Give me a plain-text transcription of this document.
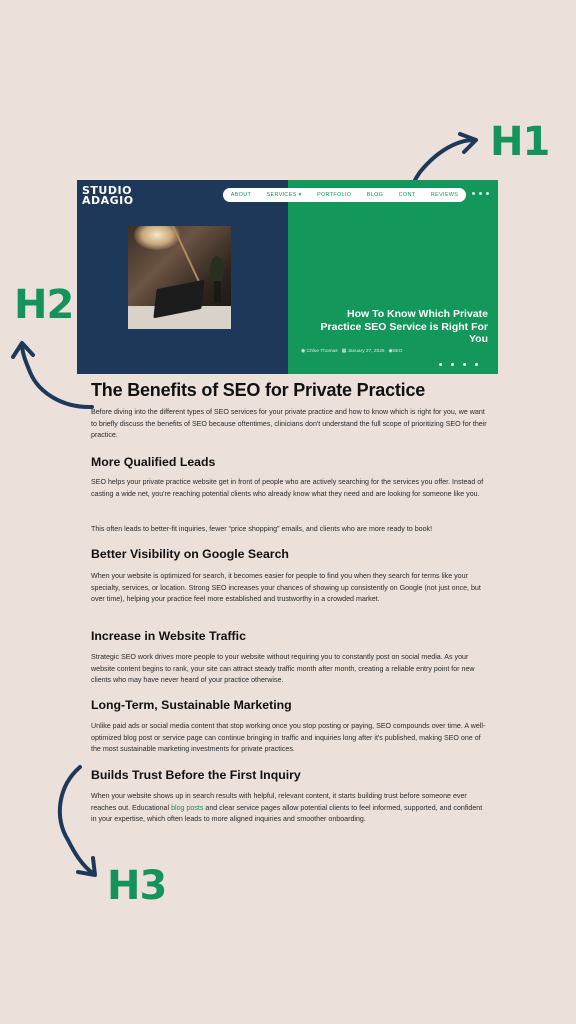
H1
H2
H3
STUDIO
ADAGIO	ABOUT	SERVICES ▾	PORTFOLIO	BLOG	CONT	REVIEWS
How To Know Which Private Practice SEO Service is Right For You
◉ Chloe Thomas ▦ January 27, 2026 ◆SEO
The Benefits of SEO for Private Practice
Before diving into the different types of SEO services for your private practice and how to know which is right for you, we want to briefly discuss the benefits of SEO because oftentimes, clinicians don't understand the full scope of prioritizing SEO for their practice.
More Qualified Leads
SEO helps your private practice website get in front of people who are actively searching for the services you offer. Instead of casting a wide net, you're reaching potential clients who already know what they need and are looking for someone like you.
This often leads to better-fit inquiries, fewer “price shopping” emails, and clients who are more ready to book!
Better Visibility on Google Search
When your website is optimized for search, it becomes easier for people to find you when they search for terms like your specialty, services, or location. Strong SEO increases your chances of showing up consistently on Google (not just once, but over time), helping your practice feel more established and trustworthy in a crowded market.
Increase in Website Traffic
Strategic SEO work drives more people to your website without requiring you to constantly post on social media. As your website content begins to rank, your site can attract steady traffic month after month, creating a reliable entry point for new clients who may have never heard of your practice otherwise.
Long-Term, Sustainable Marketing
Unlike paid ads or social media content that stop working once you stop posting or paying, SEO compounds over time. A well-optimized blog post or service page can continue bringing in traffic and inquiries long after it's published, making SEO one of the most sustainable marketing investments for private practices.
Builds Trust Before the First Inquiry
When your website shows up in search results with helpful, relevant content, it starts building trust before someone ever reaches out. Educational blog posts and clear service pages allow potential clients to feel informed, supported, and confident in your expertise, which often leads to more aligned inquiries and smoother onboarding.
